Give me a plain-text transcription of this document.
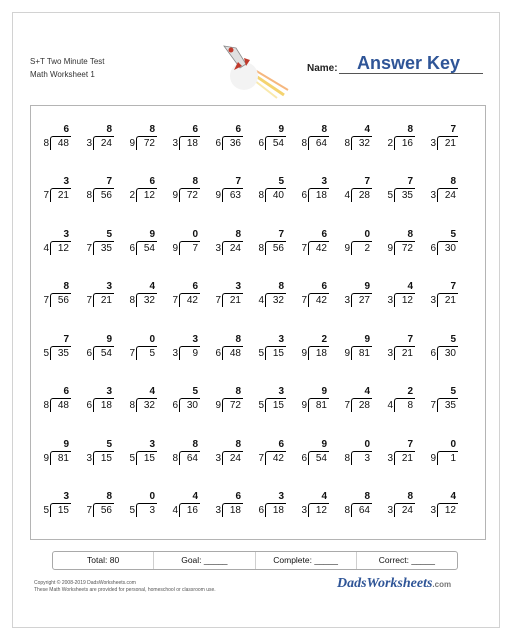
S+T Two Minute Test
Math Worksheet 1
Name: Answer Key
6
8 48
8
3 24
8
9 72
6
3 18
6
6 36
9
6 54
8
8 64
4
8 32
8
2 16
7
3 21
3
7 21
7
8 56
6
2 12
8
9 72
7
9 63
5
8 40
3
6 18
7
4 28
7
5 35
8
3 24
3
4 12
5
7 35
9
6 54
0
9	7
8
3 24
7
8 56
6
7 42
0
9	2
8
9 72
5
6 30
8
7 56
3
7 21
4
8 32
6
7 42
3
7 21
8
4 32
6
7 42
9
3 27
4
3 12
7
3 21
7
5 35
9
6 54
0
7	5
3
3	9
8
6 48
3
5 15
2
9 18
9
9 81
7
3 21
5
6 30
6
8 48
3
6 18
4
8 32
5
6 30
8
9 72
3
5 15
9
9 81
4
7 28
2
4	8
5
7 35
9
9 81
5
3 15
3
5 15
8
8 64
8
3 24
6
7 42
9
6 54
0
8	3
7
3 21
0
9	1
3
5 15
8
7 56
0
5	3
4
4 16
6
3 18
3
6 18
4
3 12
8
8 64
8
3 24
4
3 12
Total: 80	Goal: _____	Complete: _____	Correct: _____
Copyright © 2008-2019 DadsWorksheets.com
These Math Worksheets are provided for personal, homeschool or classroom use.	DadsWorksheets.com
